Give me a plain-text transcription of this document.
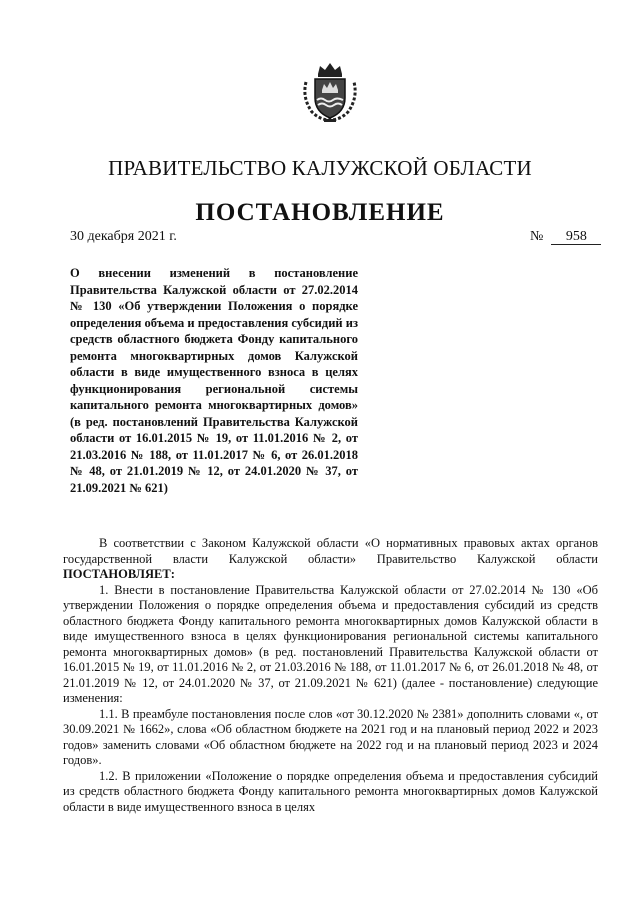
ПРАВИТЕЛЬСТВО КАЛУЖСКОЙ ОБЛАСТИ
ПОСТАНОВЛЕНИЕ
30 декабря 2021 г.	№ 958
О внесении изменений в постановление Правительства Калужской области от 27.02.2014 № 130 «Об утверждении Положения о порядке определения объема и предоставления субсидий из средств областного бюджета Фонду капитального ремонта многоквартирных домов Калужской области в виде имущественного взноса в целях функционирования региональной системы капитального ремонта многоквартирных домов» (в ред. постановлений Правительства Калужской области от 16.01.2015 № 19, от 11.01.2016 № 2, от 21.03.2016 № 188, от 11.01.2017 № 6, от 26.01.2018 № 48, от 21.01.2019 № 12, от 24.01.2020 № 37, от 21.09.2021 № 621)

В соответствии с Законом Калужской области «О нормативных правовых актах органов государственной власти Калужской области» Правительство Калужской области ПОСТАНОВЛЯЕТ:

1. Внести в постановление Правительства Калужской области от 27.02.2014 № 130 «Об утверждении Положения о порядке определения объема и предоставления субсидий из средств областного бюджета Фонду капитального ремонта многоквартирных домов Калужской области в виде имущественного взноса в целях функционирования региональной системы капитального ремонта многоквартирных домов» (в ред. постановлений Правительства Калужской области от 16.01.2015 № 19, от 11.01.2016 № 2, от 21.03.2016 № 188, от 11.01.2017 № 6, от 26.01.2018 № 48, от 21.01.2019 № 12, от 24.01.2020 № 37, от 21.09.2021 № 621) (далее - постановление) следующие изменения:

1.1. В преамбуле постановления после слов «от 30.12.2020 № 2381» дополнить словами «, от 30.09.2021 № 1662», слова «Об областном бюджете на 2021 год и на плановый период 2022 и 2023 годов» заменить словами «Об областном бюджете на 2022 год и на плановый период 2023 и 2024 годов».

1.2. В приложении «Положение о порядке определения объема и предоставления субсидий из средств областного бюджета Фонду капитального ремонта многоквартирных домов Калужской области в виде имущественного взноса в целях
